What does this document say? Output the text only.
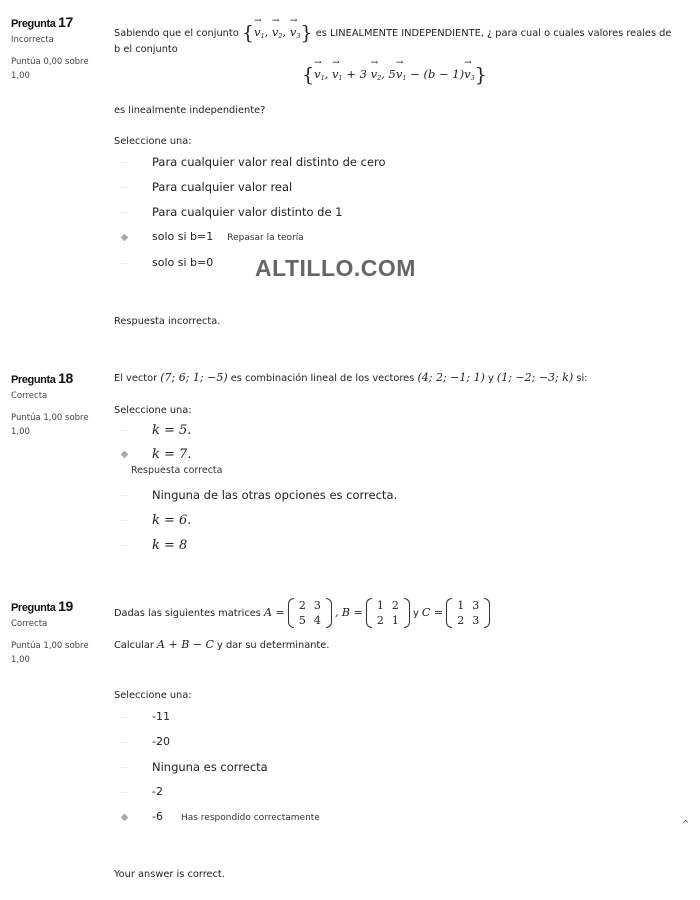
Pregunta 17
Incorrecta
Puntúa 0,00 sobre 1,00
Sabiendo que el conjunto {→ $v_1$, → $v_2$, → $v_3$} es LINEALMENTE INDEPENDIENTE, ¿ para cual o cuales valores reales de
b el conjunto
{→ $v_1$, → $v_1 + 3 \to v_2$, $5\to v_1 - (b - 1)\to v_3$}
es linealmente independiente?
Seleccione una:
⋯ Para cualquier valor real distinto de cero
⋯ Para cualquier valor real
⋯ Para cualquier valor distinto de 1
◆ solo si b=1 Repasar la teoría
⋯ solo si b=0
Respuesta incorrecta.
ALTILLO.COM
Pregunta 18
Correcta
Puntúa 1,00 sobre 1,00
El vector (7; 6; 1; −5) es combinación lineal de los vectores (4; 2; −1; 1) y (1; −2; −3; k) si:
Seleccione una:
⋯ k = 5.
◆ k = 7.
Respuesta correcta
⋯ Ninguna de las otras opciones es correcta.
⋯ k = 6.
⋯ k = 8
Pregunta 19
Correcta
Puntúa 1,00 sobre 1,00
Dadas las siguientes matrices A =
2	3
5	4
, B =
1	2
2	1
y C =
1	3
2	3
Calcular A + B − C y dar su determinante.
Seleccione una:
⋯ -11
⋯ -20
⋯ Ninguna es correcta
⋯ -2
◆ -6 Has respondido correctamente
Your answer is correct.
⌃
